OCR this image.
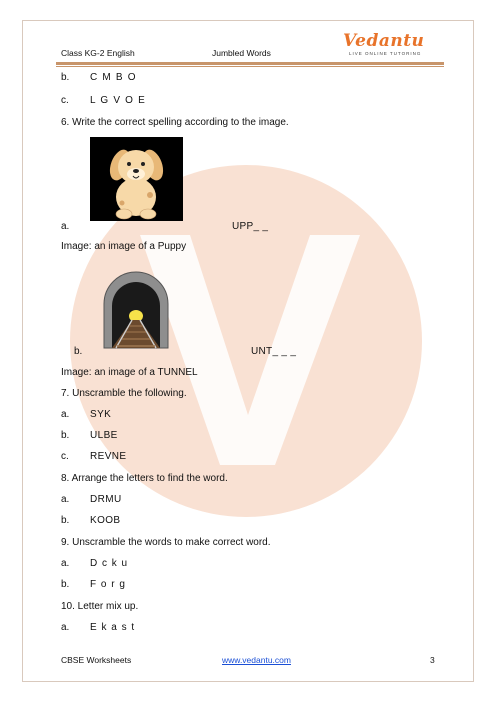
Class KG-2 English	Jumbled Words
Vedantu
LIVE ONLINE TUTORING
b. C M B O
c. L G V O E
6. Write the correct spelling according to the image.
a.	UPP_ _
Image: an image of a Puppy
b.	UNT_ _ _
Image: an image of a TUNNEL
7. Unscramble the following.
a. SYK
b. ULBE
c. REVNE
8. Arrange the letters to find the word.
a. DRMU
b. KOOB
9. Unscramble the words to make correct word.
a. D c k u
b. F o r g
10. Letter mix up.
a. E k a s t
CBSE Worksheets	www.vedantu.com	3
